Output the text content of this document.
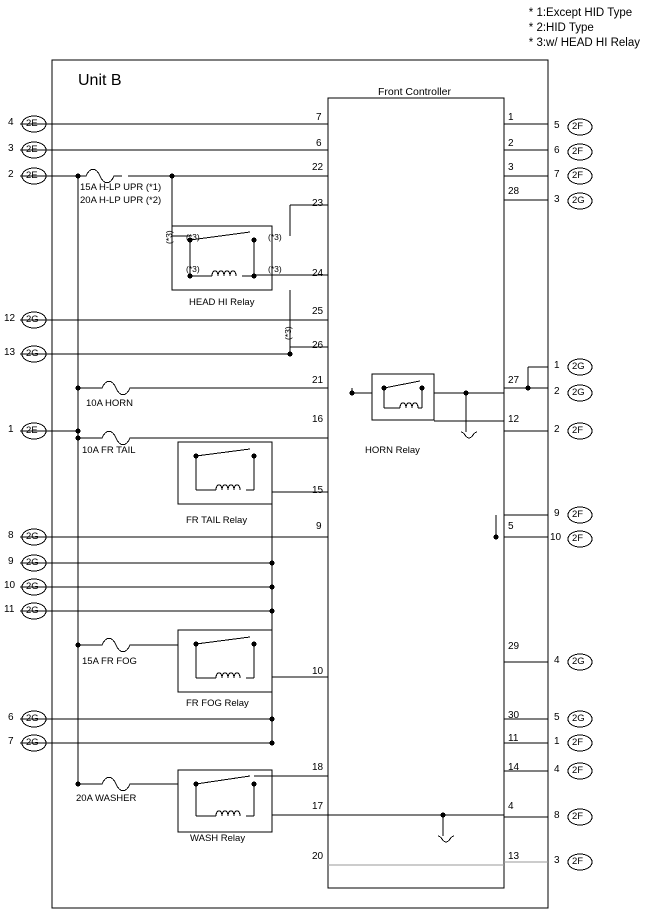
* 1:Except HID Type
* 2:HID Type
* 3:w/ HEAD HI Relay
Unit B
Front Controller
15A H-LP UPR (*1)
20A H-LP UPR (*2)
10A HORN
10A FR TAIL
15A FR FOG
20A WASHER
HEAD HI Relay
HORN Relay
FR TAIL Relay
FR FOG Relay
WASH Relay
(*3)	(*3)
(*3)	(*3)
(*3)
(*3)
7
6
22
23
24
25
26
21
16
15
9
10
18
17
20
1
2
3
28
27
12
5
29
30
11
14
4
13
4 2E
3 2E
2 2E
12 2G
13 2G
1 2E
8 2G
9 2G
10 2G
11 2G
6 2G
7 2G
5 2F
6 2F
7 2F
3 2G
1 2G
2 2G
2 2F
9 2F
10 2F
4 2G
5 2G
1 2F
4 2F
8 2F
3 2F
